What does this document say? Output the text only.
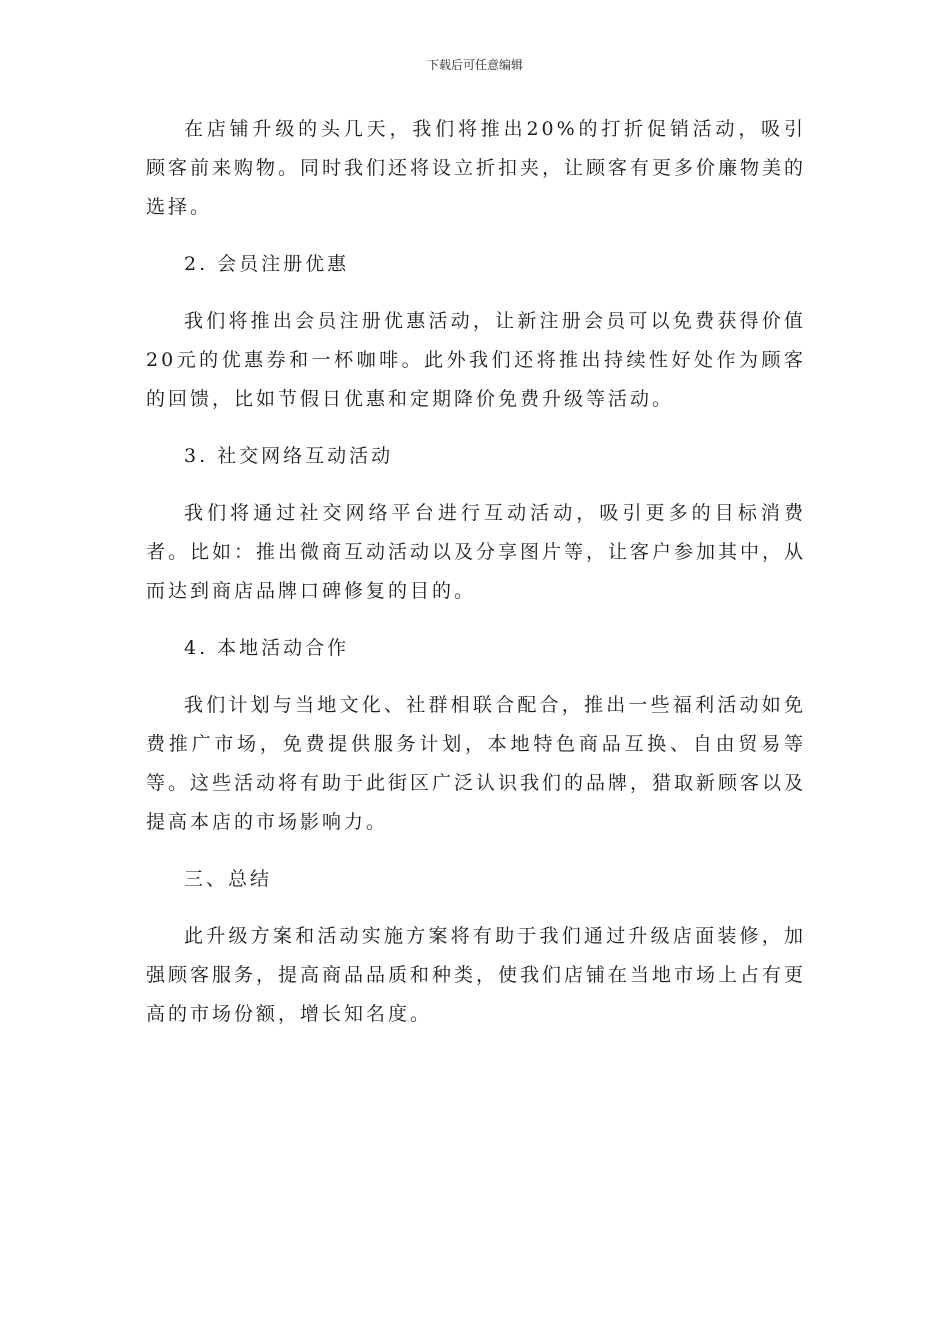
下载后可任意编辑

在店铺升级的头几天，我们将推出20%的打折促销活动，吸引顾客前来购物。同时我们还将设立折扣夹，让顾客有更多价廉物美的选择。

2. 会员注册优惠

我们将推出会员注册优惠活动，让新注册会员可以免费获得价值20元的优惠券和一杯咖啡。此外我们还将推出持续性好处作为顾客的回馈，比如节假日优惠和定期降价免费升级等活动。

3. 社交网络互动活动

我们将通过社交网络平台进行互动活动，吸引更多的目标消费者。比如：推出微商互动活动以及分享图片等，让客户参加其中，从而达到商店品牌口碑修复的目的。

4. 本地活动合作

我们计划与当地文化、社群相联合配合，推出一些福利活动如免费推广市场，免费提供服务计划，本地特色商品互换、自由贸易等等。这些活动将有助于此街区广泛认识我们的品牌，猎取新顾客以及提高本店的市场影响力。

三、总结

此升级方案和活动实施方案将有助于我们通过升级店面装修，加强顾客服务，提高商品品质和种类，使我们店铺在当地市场上占有更高的市场份额，增长知名度。
